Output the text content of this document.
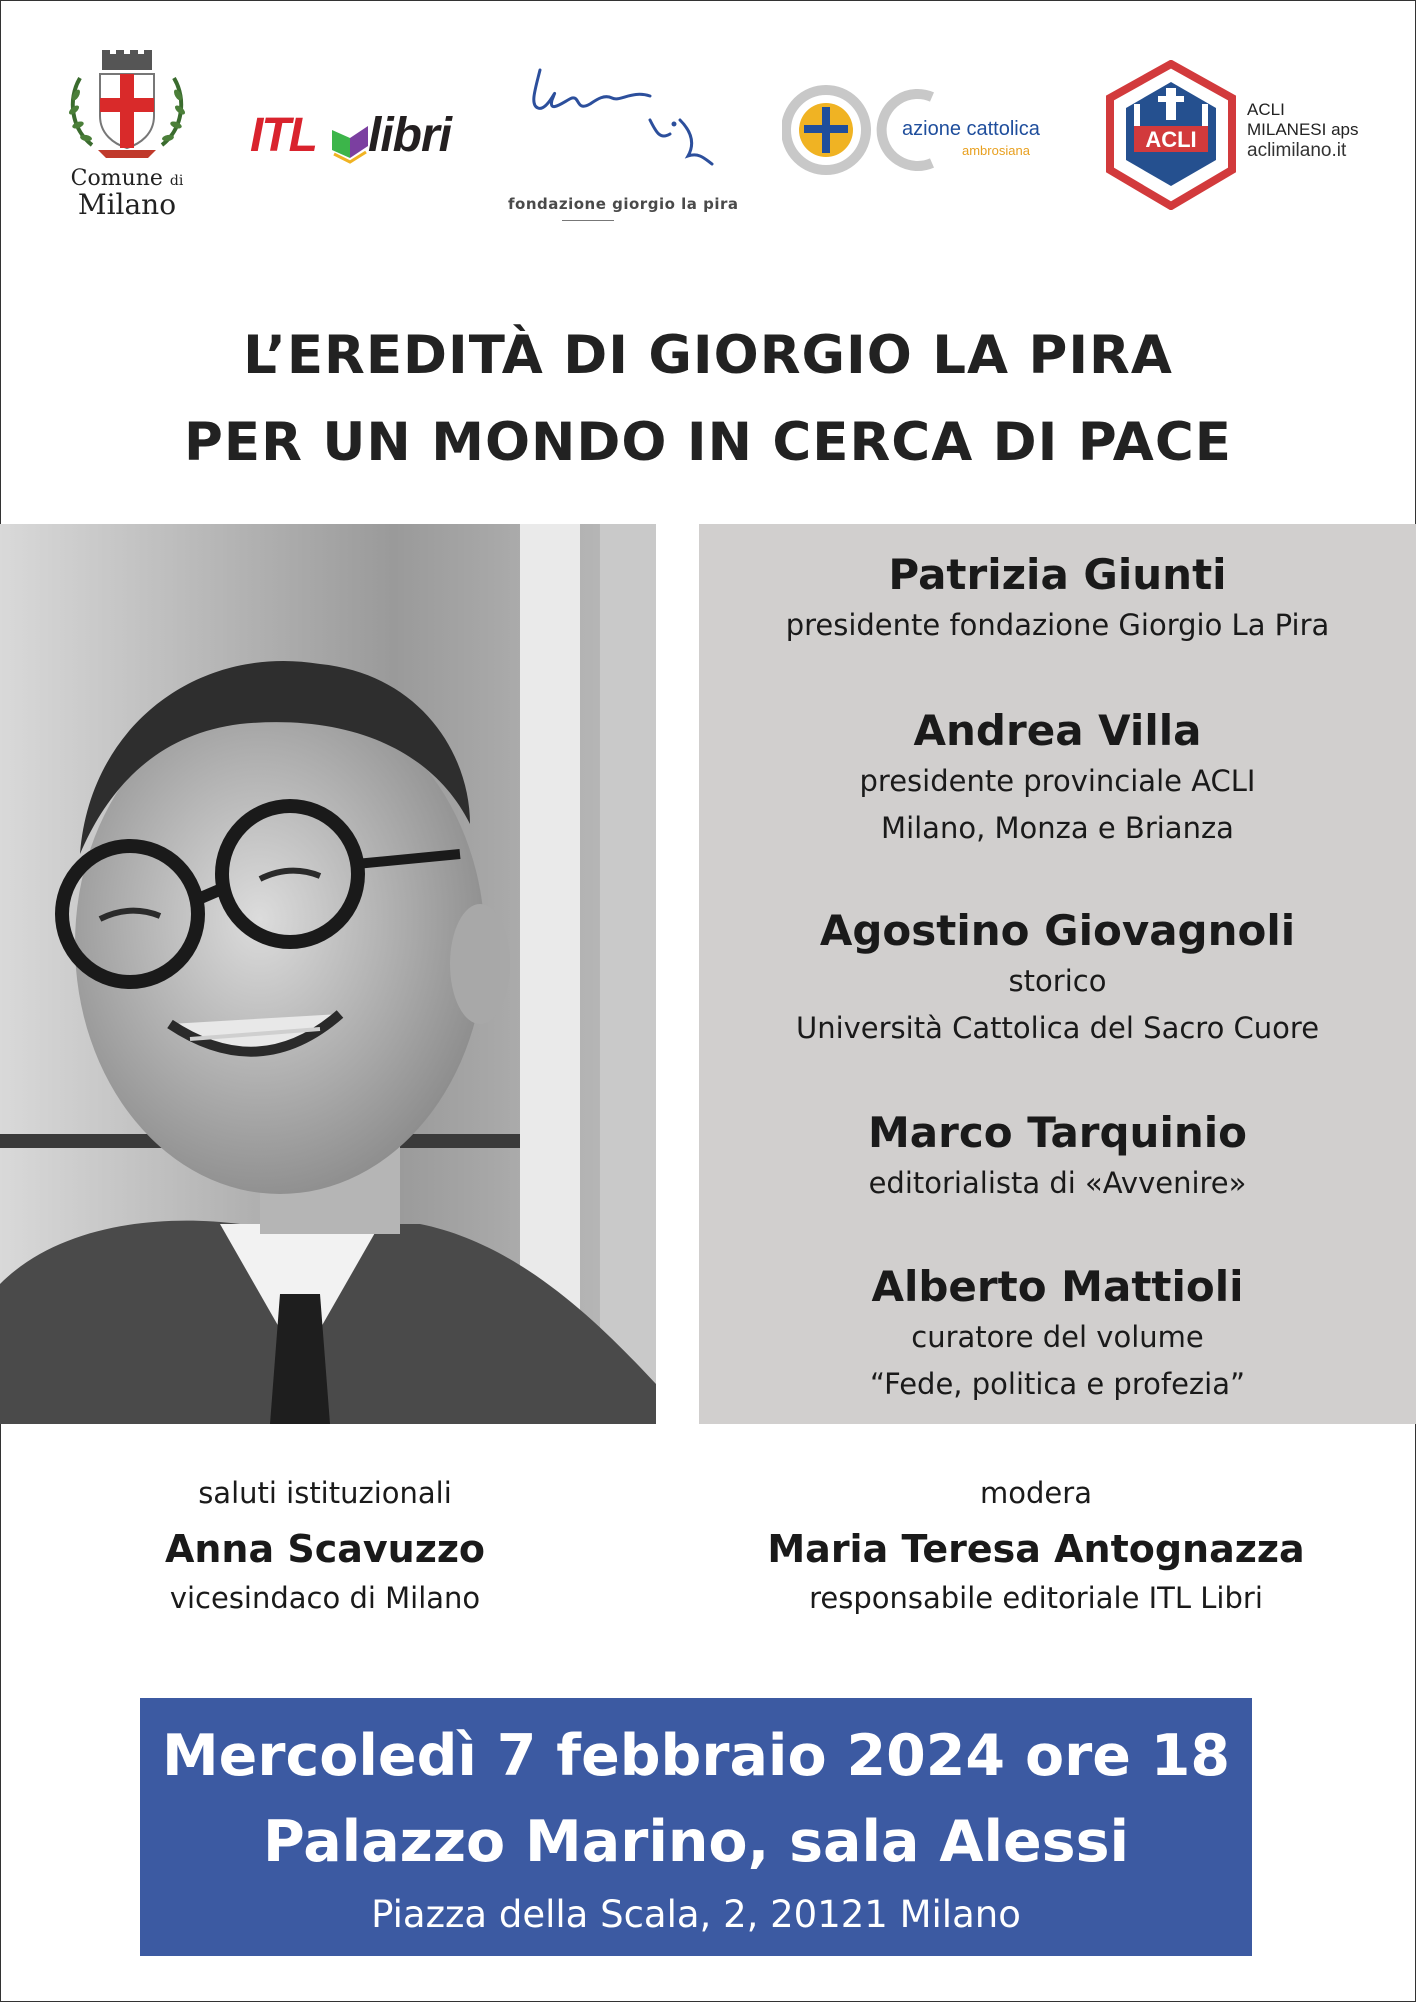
Comune di
Milano
ITL libri
fondazione giorgio la pira
azione cattolica
ambrosiana	ACLI
ACLI
MILANESI aps
aclimilano.it
L’EREDITÀ DI GIORGIO LA PIRA
PER UN MONDO IN CERCA DI PACE
Patrizia Giunti
presidente fondazione Giorgio La Pira
Andrea Villa
presidente provinciale ACLI
Milano, Monza e Brianza
Agostino Giovagnoli
storico
Università Cattolica del Sacro Cuore
Marco Tarquinio
editorialista di «Avvenire»
Alberto Mattioli
curatore del volume
“Fede, politica e profezia”
saluti istituzionali
Anna Scavuzzo
vicesindaco di Milano
modera
Maria Teresa Antognazza
responsabile editoriale ITL Libri
Mercoledì 7 febbraio 2024 ore 18
Palazzo Marino, sala Alessi
Piazza della Scala, 2, 20121 Milano
